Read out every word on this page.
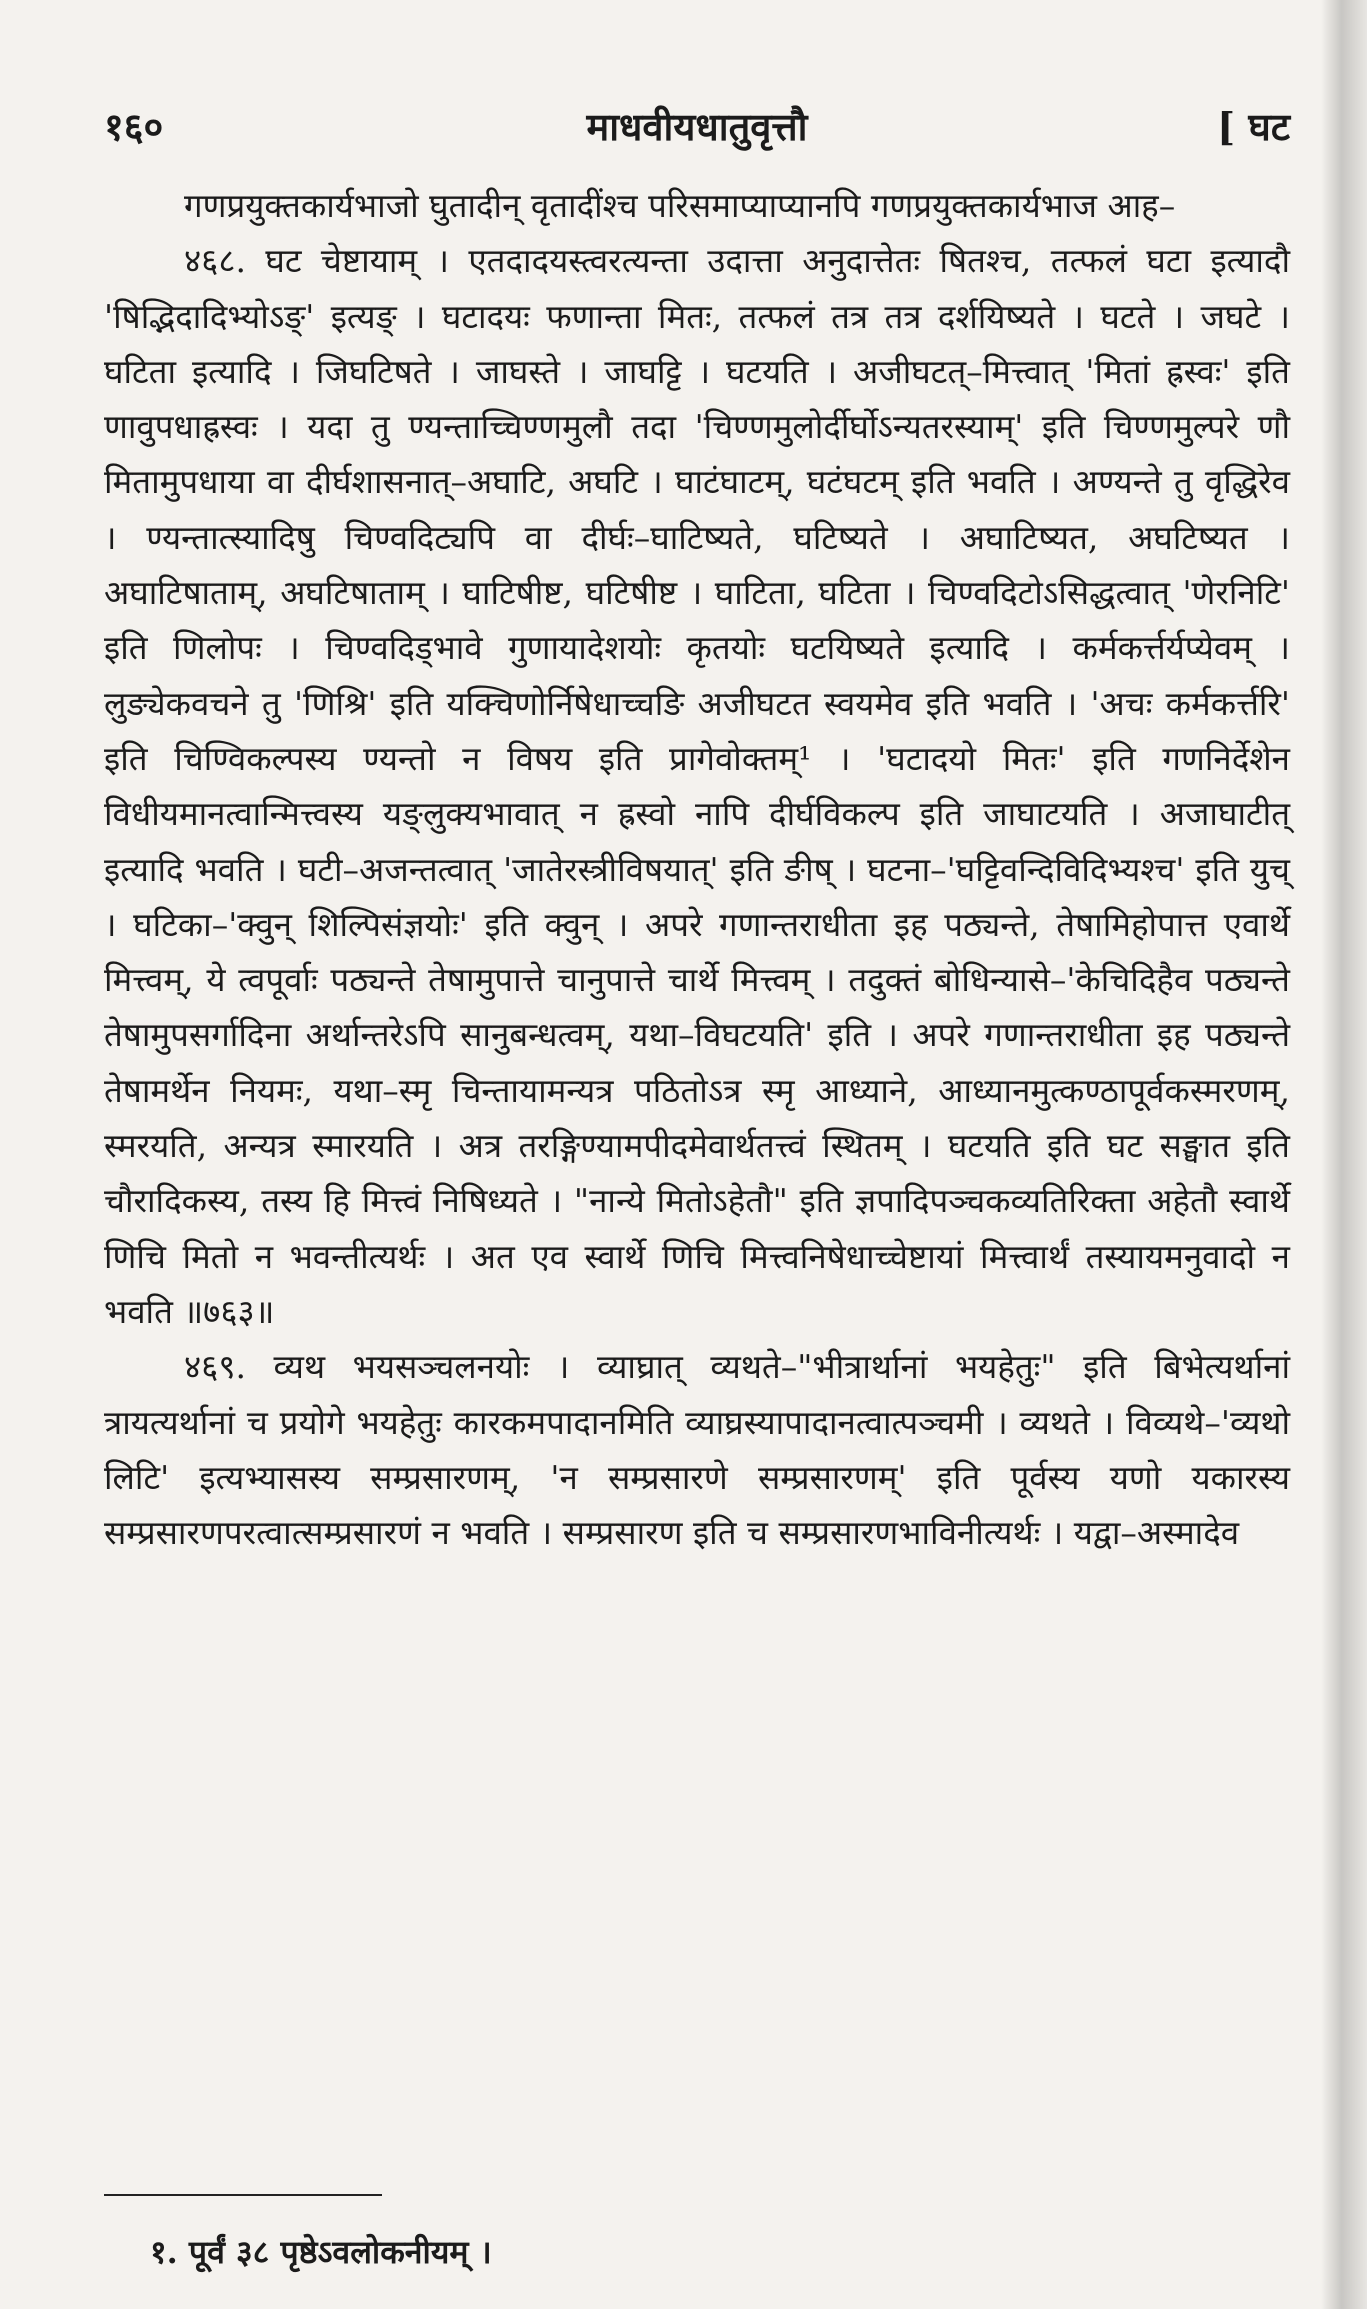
१६०	माधवीयधातुवृत्तौ	[ घट

गणप्रयुक्तकार्यभाजो घुतादीन् वृतादींश्च परिसमाप्याप्यानपि गणप्रयुक्तकार्यभाज आह–

४६८. घट चेष्टायाम् । एतदादयस्त्वरत्यन्ता उदात्ता अनुदात्तेतः षितश्च, तत्फलं घटा इत्यादौ 'षिद्भिदादिभ्योऽङ्' इत्यङ् । घटादयः फणान्ता मितः, तत्फलं तत्र तत्र दर्शयिष्यते । घटते । जघटे । घटिता इत्यादि । जिघटिषते । जाघस्ते । जाघट्टि । घटयति । अजीघटत्–मित्त्वात् 'मितां ह्रस्वः' इति णावुपधाह्रस्वः । यदा तु ण्यन्ताच्चिण्णमुलौ तदा 'चिण्णमुलोर्दीर्घोऽन्यतरस्याम्' इति चिण्णमुल्परे णौ मितामुपधाया वा दीर्घशासनात्–अघाटि, अघटि । घाटंघाटम्, घटंघटम् इति भवति । अण्यन्ते तु वृद्धिरेव । ण्यन्तात्स्यादिषु चिण्वदिट्यपि वा दीर्घः–घाटिष्यते, घटिष्यते । अघाटिष्यत, अघटिष्यत । अघाटिषाताम्, अघटिषाताम् । घाटिषीष्ट, घटिषीष्ट । घाटिता, घटिता । चिण्वदिटोऽसिद्धत्वात् 'णेरनिटि' इति णिलोपः । चिण्वदिड्भावे गुणायादेशयोः कृतयोः घटयिष्यते इत्यादि । कर्मकर्त्तर्यप्येवम् । लुङ्येकवचने तु 'णिश्रि' इति यक्चिणोर्निषेधाच्चङि अजीघटत स्वयमेव इति भवति । 'अचः कर्मकर्त्तरि' इति चिण्विकल्पस्य ण्यन्तो न विषय इति प्रागेवोक्तम्¹ । 'घटादयो मितः' इति गणनिर्देशेन विधीयमानत्वान्मित्त्वस्य यङ्लुक्यभावात् न ह्रस्वो नापि दीर्घविकल्प इति जाघाटयति । अजाघाटीत् इत्यादि भवति । घटी–अजन्तत्वात् 'जातेरस्त्रीविषयात्' इति ङीष् । घटना–'घट्टिवन्दिविदिभ्यश्च' इति युच् । घटिका–'क्वुन् शिल्पिसंज्ञयोः' इति क्वुन् । अपरे गणान्तराधीता इह पठ्यन्ते, तेषामिहोपात्त एवार्थे मित्त्वम्, ये त्वपूर्वाः पठ्यन्ते तेषामुपात्ते चानुपात्ते चार्थे मित्त्वम् । तदुक्तं बोधिन्यासे–'केचिदिहैव पठ्यन्ते तेषामुपसर्गादिना अर्थान्तरेऽपि सानुबन्धत्वम्, यथा–विघटयति' इति । अपरे गणान्तराधीता इह पठ्यन्ते तेषामर्थेन नियमः, यथा–स्मृ चिन्तायामन्यत्र पठितोऽत्र स्मृ आध्याने, आध्यानमुत्कण्ठापूर्वकस्मरणम्, स्मरयति, अन्यत्र स्मारयति । अत्र तरङ्गिण्यामपीदमेवार्थतत्त्वं स्थितम् । घटयति इति घट सङ्घात इति चौरादिकस्य, तस्य हि मित्त्वं निषिध्यते । "नान्ये मितोऽहेतौ" इति ज्ञपादिपञ्चकव्यतिरिक्ता अहेतौ स्वार्थे णिचि मितो न भवन्तीत्यर्थः । अत एव स्वार्थे णिचि मित्त्वनिषेधाच्चेष्टायां मित्त्वार्थं तस्यायमनुवादो न भवति ॥७६३॥

४६९. व्यथ भयसञ्चलनयोः । व्याघ्रात् व्यथते–"भीत्रार्थानां भयहेतुः" इति बिभेत्यर्थानां त्रायत्यर्थानां च प्रयोगे भयहेतुः कारकमपादानमिति व्याघ्रस्यापादानत्वात्पञ्चमी । व्यथते । विव्यथे–'व्यथो लिटि' इत्यभ्यासस्य सम्प्रसारणम्, 'न सम्प्रसारणे सम्प्रसारणम्' इति पूर्वस्य यणो यकारस्य सम्प्रसारणपरत्वात्सम्प्रसारणं न भवति । सम्प्रसारण इति च सम्प्रसारणभाविनीत्यर्थः । यद्वा–अस्मादेव

१. पूर्वं ३८ पृष्ठेऽवलोकनीयम् ।
